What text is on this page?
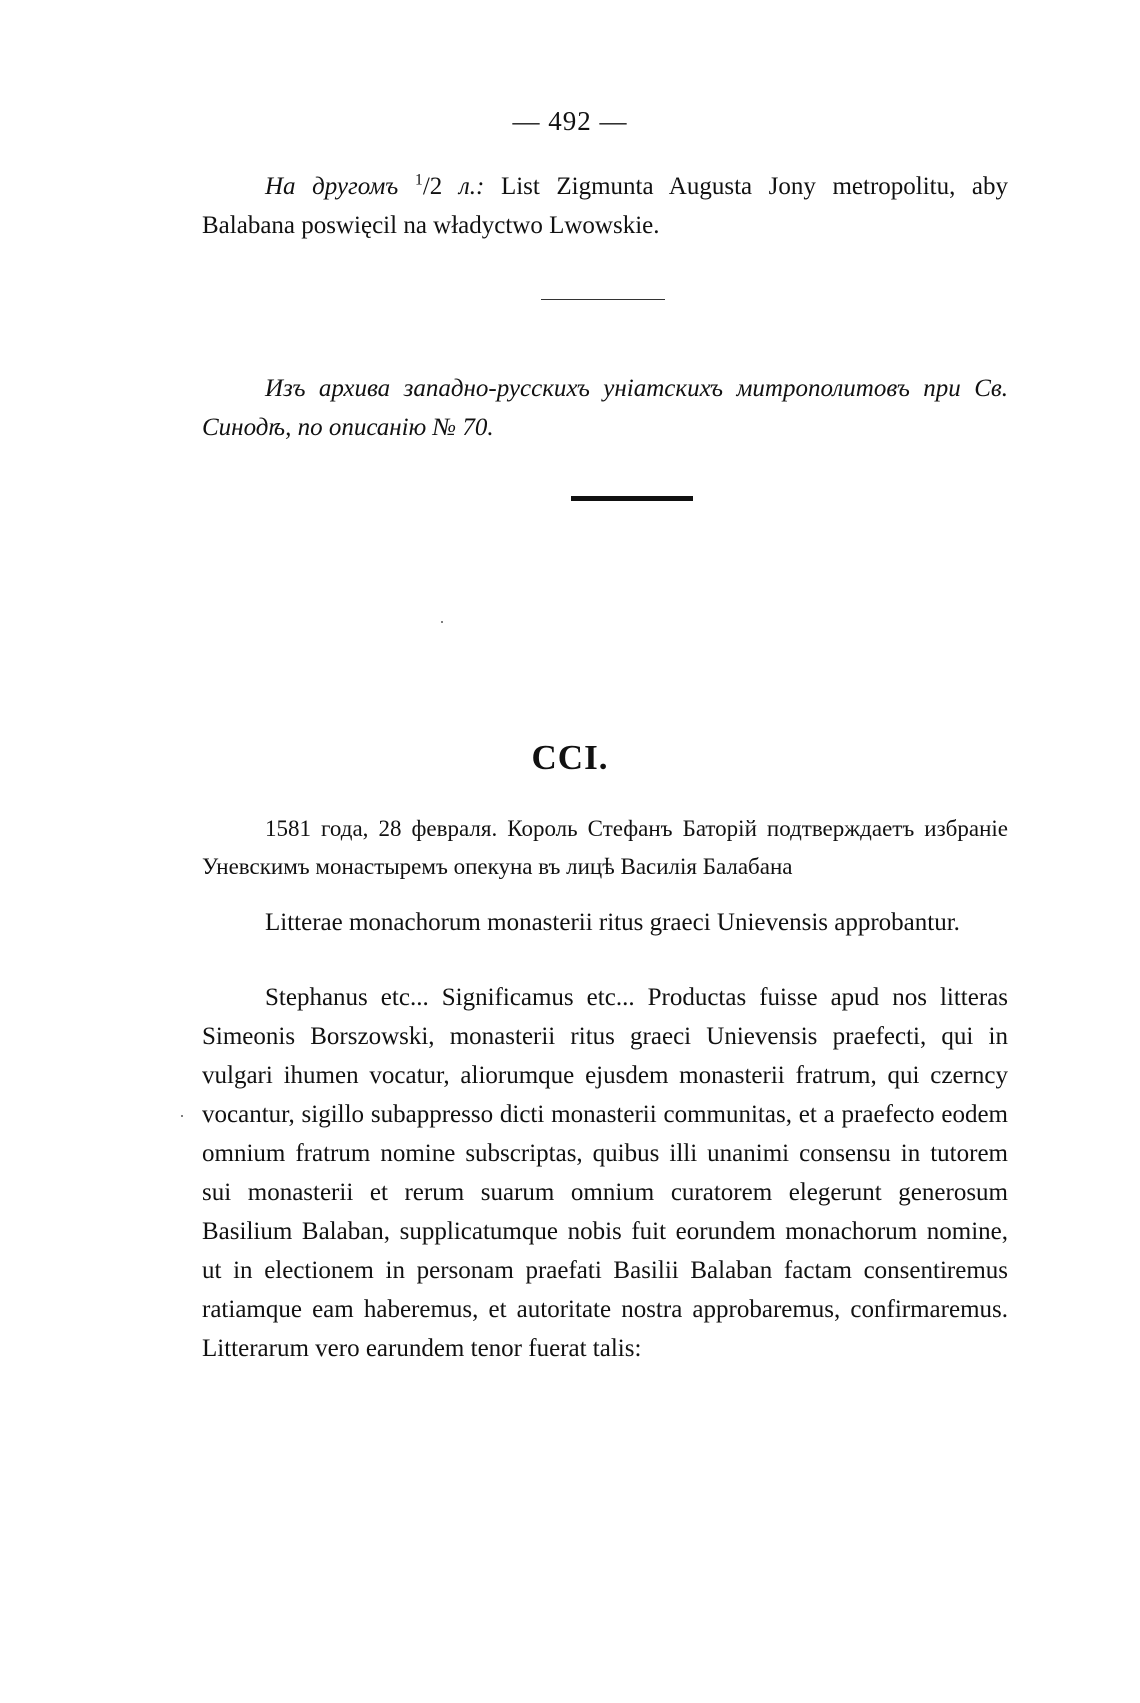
— 492 —
На другомъ $^1$/2 л.: List Zigmunta Augusta Jony metropolitu, aby Balabana poswięcil na władyctwo Lwowskie.
Изъ архива западно-русскихъ уніатскихъ митрополитовъ при Св. Синодѣ, по описанію № 70.
CCI.
1581 года, 28 февраля. Король Стефанъ Баторій подтверждаетъ избраніе Уневскимъ монастыремъ опекуна въ лицѣ Василія Балабана
Litterae monachorum monasterii ritus graeci Unievensis approbantur.
Stephanus etc... Significamus etc... Productas fuisse apud nos litteras Simeonis Borszowski, monasterii ritus graeci Unievensis praefecti, qui in vulgari ihumen vocatur, aliorumque ejusdem monasterii fratrum, qui czerncy vocantur, sigillo subappresso dicti monasterii communitas, et a praefecto eodem omnium fratrum nomine subscriptas, quibus illi unanimi consensu in tutorem sui monasterii et rerum suarum omnium curatorem elegerunt generosum Basilium Balaban, supplicatumque nobis fuit eorundem monachorum nomine, ut in electionem in personam praefati Basilii Balaban factam consentiremus ratiamque eam haberemus, et autoritate nostra approbaremus, confirmaremus. Litterarum vero earundem tenor fuerat talis:
